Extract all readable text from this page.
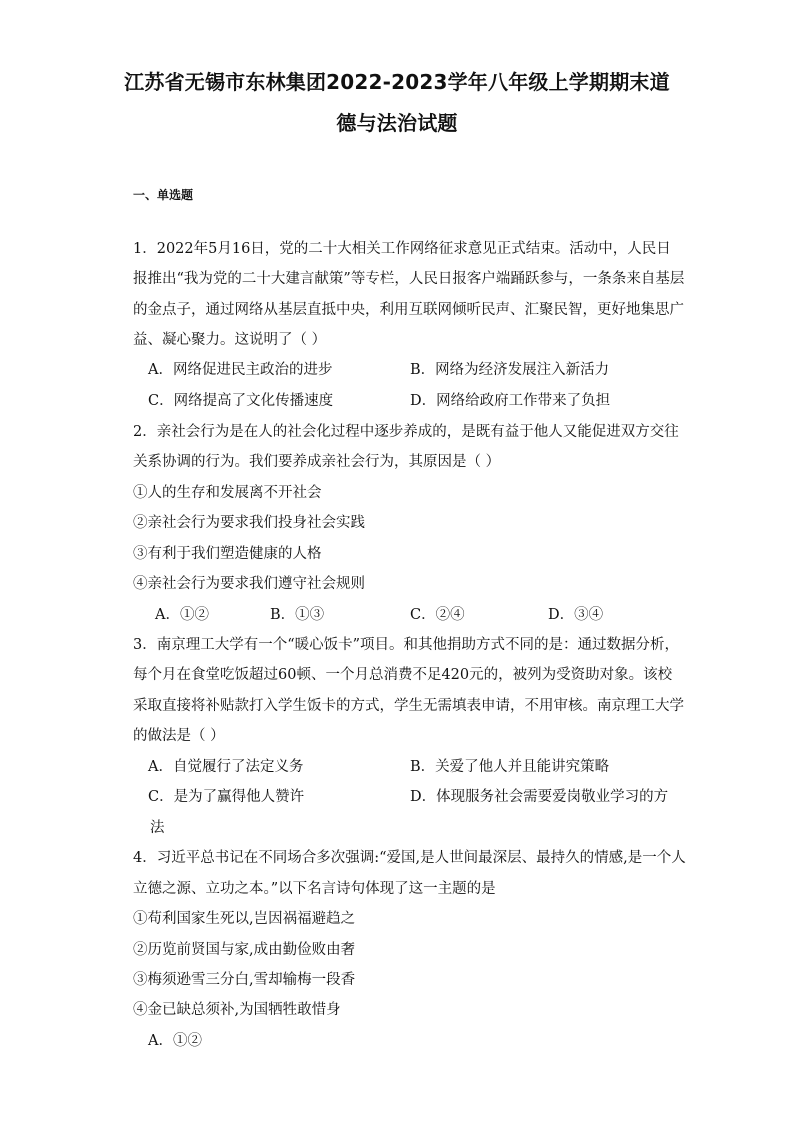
江苏省无锡市东林集团2022-2023学年八年级上学期期末道
德与法治试题
一、单选题
1．2022年5月16日，党的二十大相关工作网络征求意见正式结束。活动中，人民日
报推出“我为党的二十大建言献策”等专栏，人民日报客户端踊跃参与，一条条来自基层
的金点子，通过网络从基层直抵中央，利用互联网倾听民声、汇聚民智，更好地集思广
益、凝心聚力。这说明了（ ）
A．网络促进民主政治的进步	B．网络为经济发展注入新活力
C．网络提高了文化传播速度	D．网络给政府工作带来了负担
2．亲社会行为是在人的社会化过程中逐步养成的，是既有益于他人又能促进双方交往
关系协调的行为。我们要养成亲社会行为，其原因是（ ）
①人的生存和发展离不开社会
②亲社会行为要求我们投身社会实践
③有利于我们塑造健康的人格
④亲社会行为要求我们遵守社会规则
A．①②	B．①③	C．②④	D．③④
3．南京理工大学有一个“暖心饭卡”项目。和其他捐助方式不同的是：通过数据分析，
每个月在食堂吃饭超过60顿、一个月总消费不足420元的，被列为受资助对象。该校
采取直接将补贴款打入学生饭卡的方式，学生无需填表申请，不用审核。南京理工大学
的做法是（ ）
A．自觉履行了法定义务	B．关爱了他人并且能讲究策略
C．是为了赢得他人赞许	D．体现服务社会需要爱岗敬业学习的方
法
4．习近平总书记在不同场合多次强调:“爱国,是人世间最深层、最持久的情感,是一个人
立德之源、立功之本。”以下名言诗句体现了这一主题的是
①苟利国家生死以,岂因祸福避趋之
②历览前贤国与家,成由勤俭败由奢
③梅须逊雪三分白,雪却输梅一段香
④金已缺总须补,为国牺牲敢惜身
A．①②
